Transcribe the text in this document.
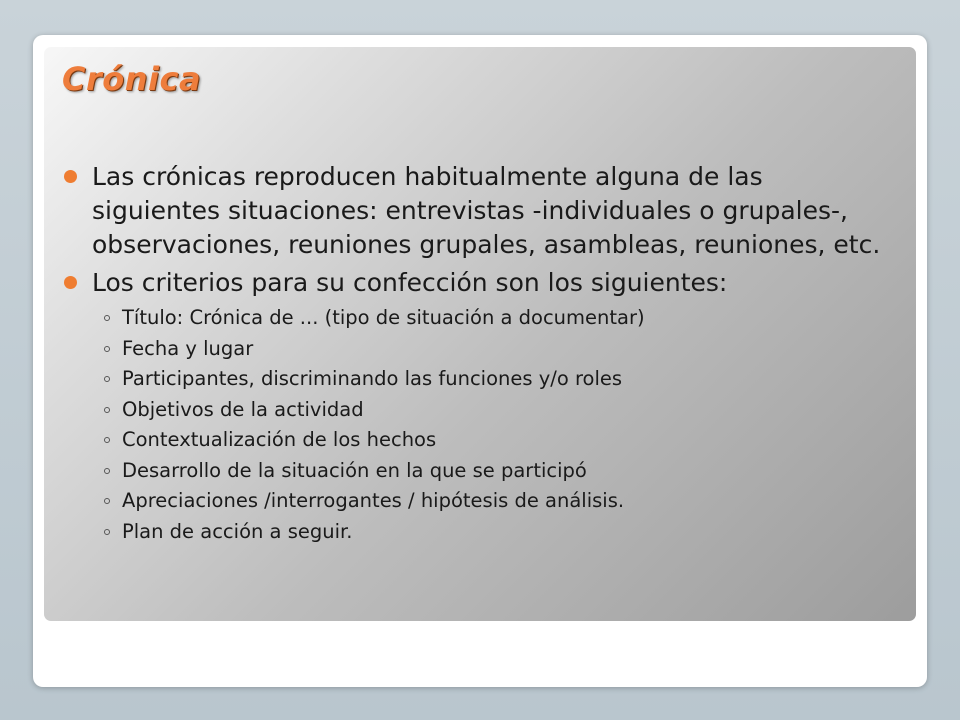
Crónica
Las crónicas reproducen habitualmente alguna de las siguientes situaciones: entrevistas -individuales o grupales-, observaciones, reuniones grupales, asambleas, reuniones, etc.
Los criterios para su confección son los siguientes:
Título: Crónica de ... (tipo de situación a documentar)
Fecha y lugar
Participantes, discriminando las funciones y/o roles
Objetivos de la actividad
Contextualización de los hechos
Desarrollo de la situación en la que se participó
Apreciaciones /interrogantes / hipótesis de análisis.
Plan de acción a seguir.
